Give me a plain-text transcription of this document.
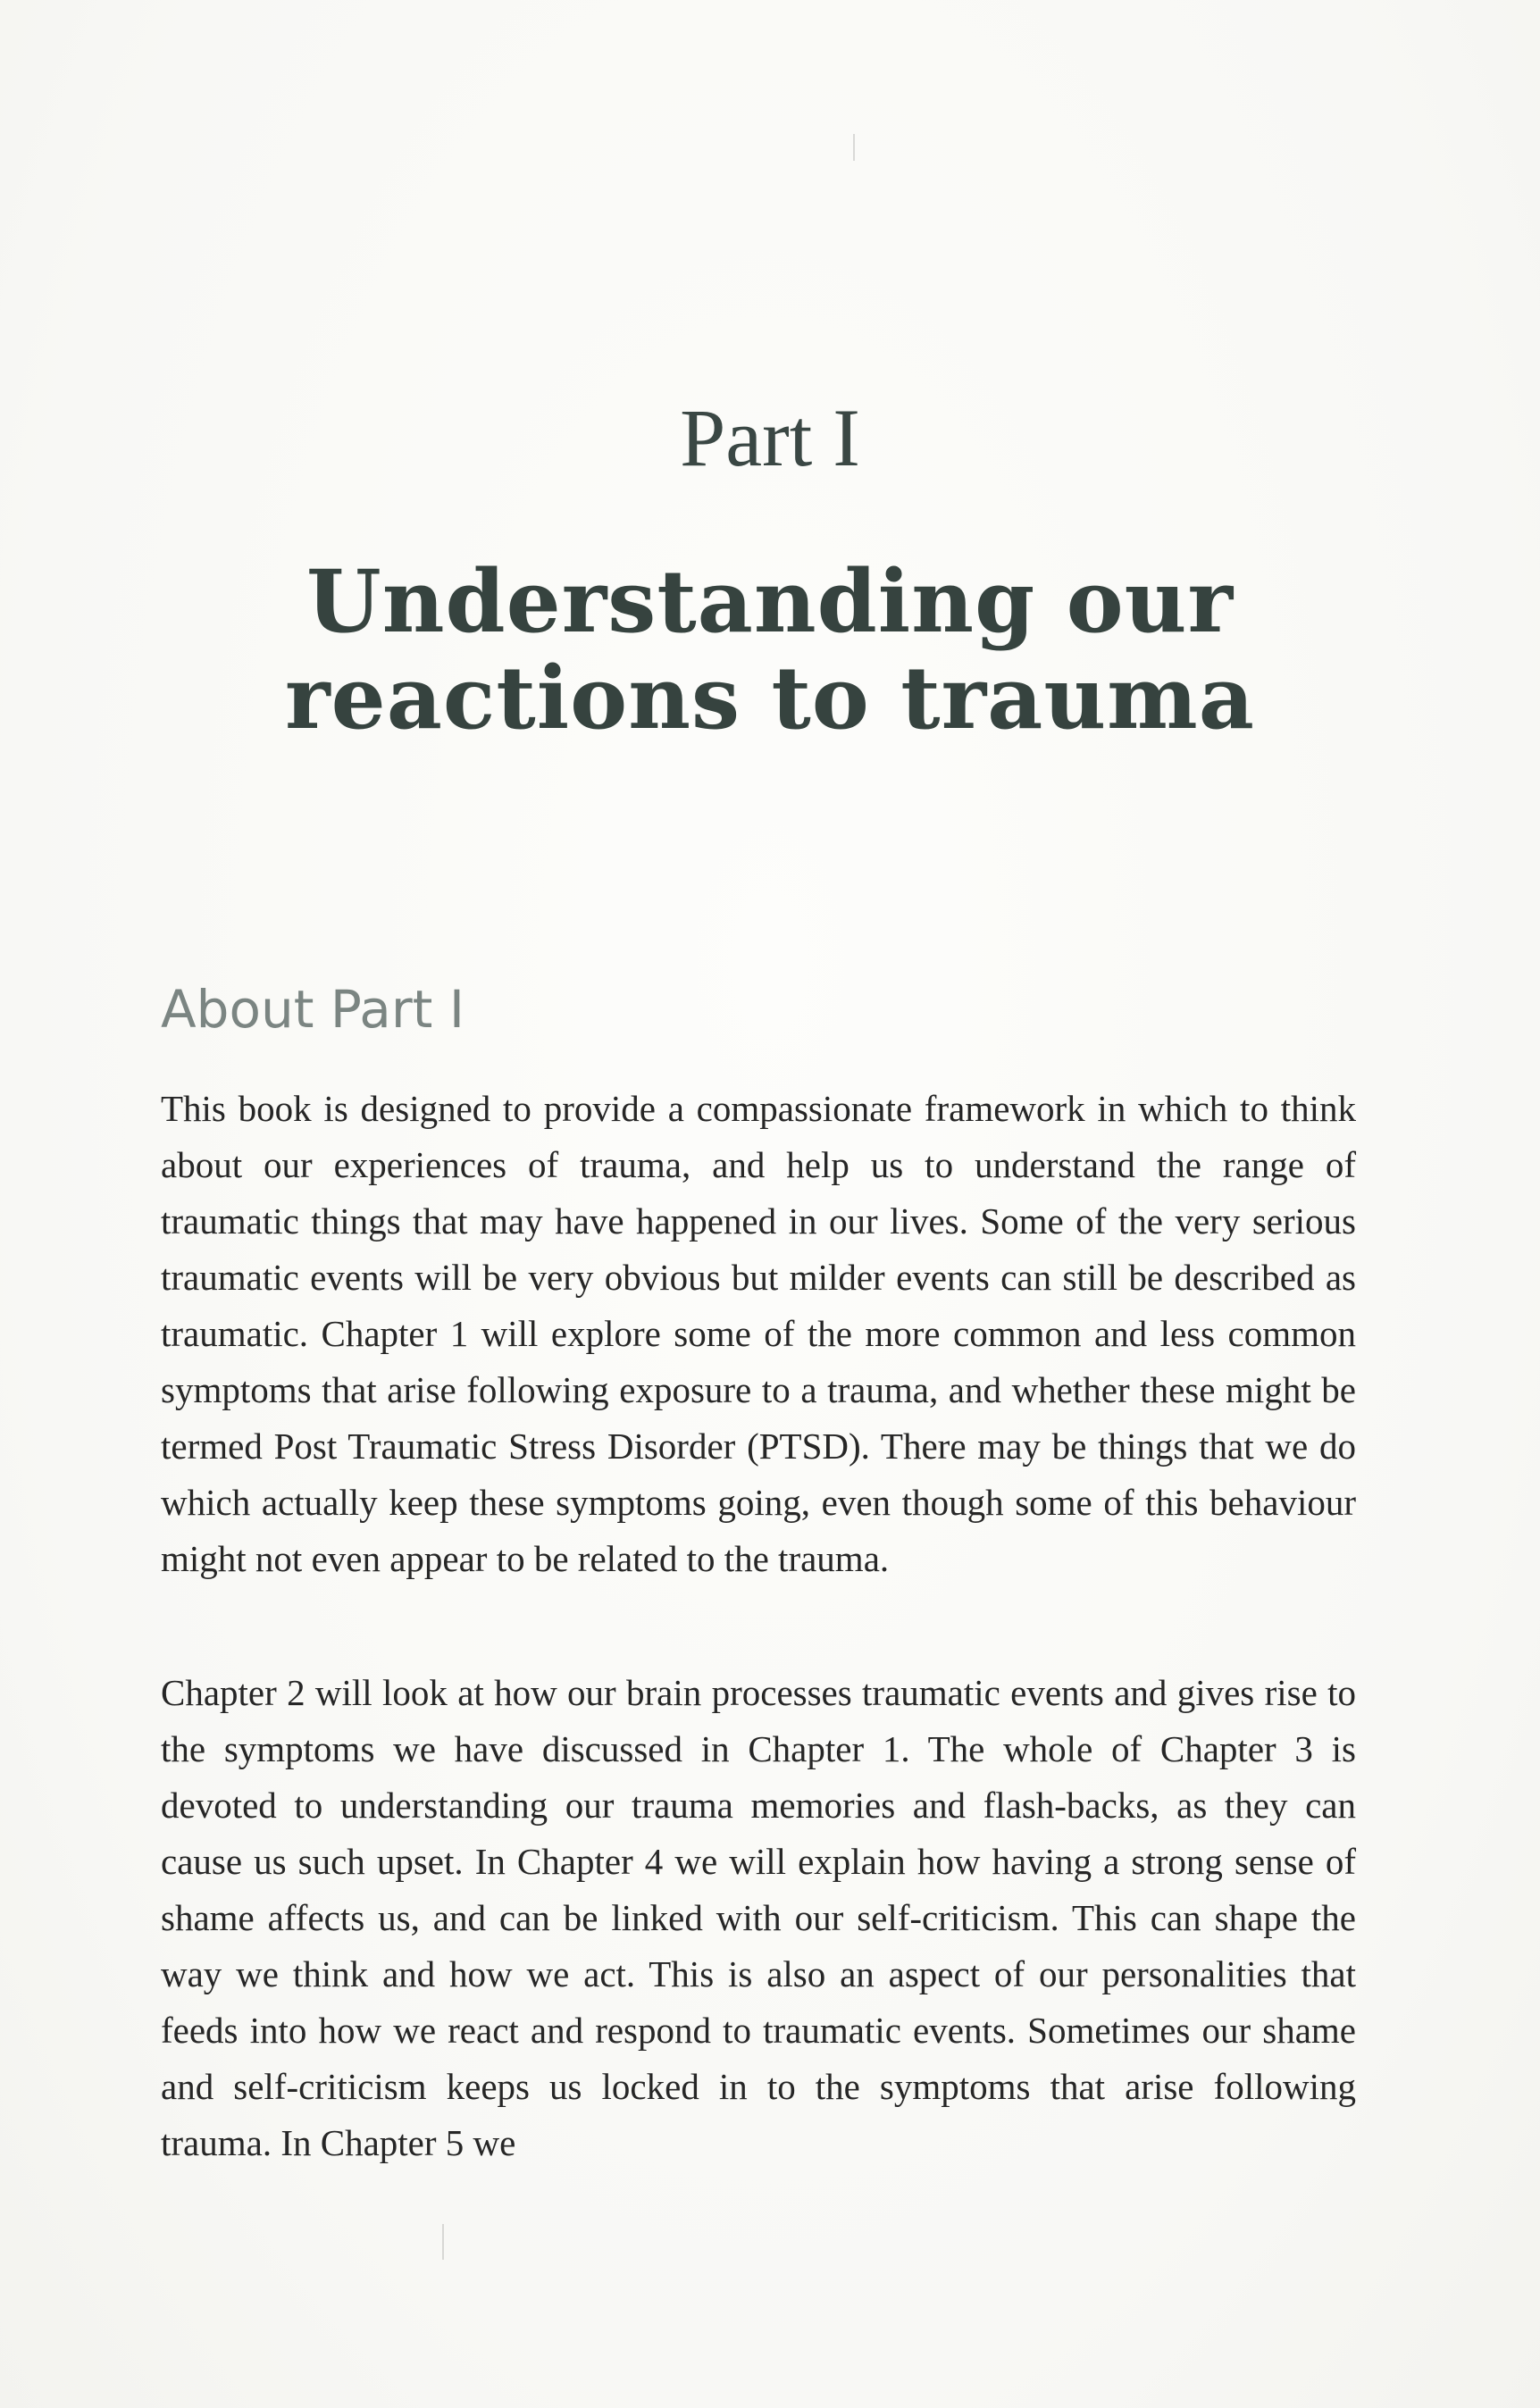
Part I
Understanding our
reactions to trauma
About Part I

This book is designed to provide a compassionate framework in which to think about our experiences of trauma, and help us to understand the range of traumatic things that may have happened in our lives. Some of the very serious traumatic events will be very obvious but milder events can still be described as traumatic. Chapter 1 will explore some of the more common and less common symptoms that arise following exposure to a trauma, and whether these might be termed Post Traumatic Stress Disorder (PTSD). There may be things that we do which actually keep these symptoms going, even though some of this behaviour might not even appear to be related to the trauma.

Chapter 2 will look at how our brain processes traumatic events and gives rise to the symptoms we have discussed in Chapter 1. The whole of Chapter 3 is devoted to understanding our trauma memories and flash-backs, as they can cause us such upset. In Chapter 4 we will explain how having a strong sense of shame affects us, and can be linked with our self-criticism. This can shape the way we think and how we act. This is also an aspect of our personalities that feeds into how we react and respond to traumatic events. Sometimes our shame and self-criticism keeps us locked in to the symptoms that arise following trauma. In Chapter 5 we
